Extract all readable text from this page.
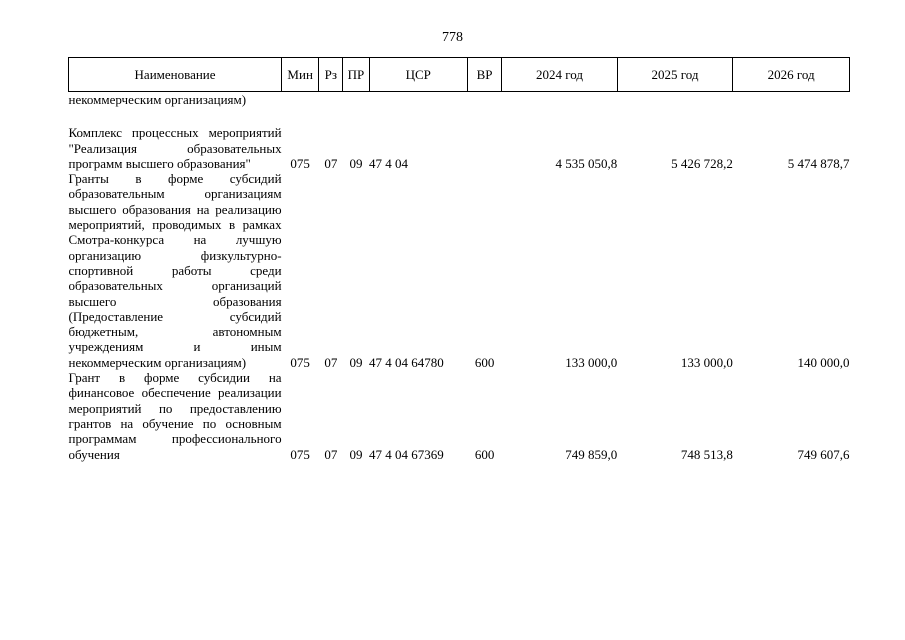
778
Наименование	Мин	Рз	ПР	ЦСР	ВР	2024 год	2025 год	2026 год
некоммерческим организациям)								

Комплекс процессных мероприятий "Реализация образовательных программ высшего образования"	075	07	09	47 4 04		4 535 050,8	5 426 728,2	5 474 878,7
Гранты в форме субсидий образовательным организациям высшего образования на реализацию мероприятий, проводимых в рамках Смотра-конкурса на лучшую организацию физкультурно-спортивной работы среди образовательных организаций высшего образования (Предоставление субсидий бюджетным, автономным учреждениям и иным некоммерческим организациям)	075	07	09	47 4 04 64780	600	133 000,0	133 000,0	140 000,0
Грант в форме субсидии на финансовое обеспечение реализации мероприятий по предоставлению грантов на обучение по основным программам профессионального обучения	075	07	09	47 4 04 67369	600	749 859,0	748 513,8	749 607,6
